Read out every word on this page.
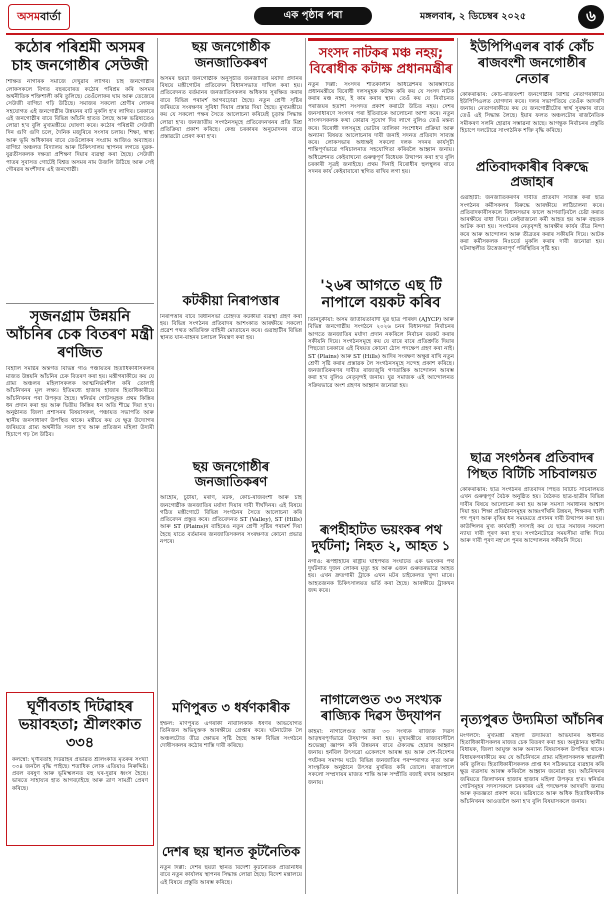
অসম বাৰ্তা	এক পৃষ্ঠাৰ পৰা	মঙ্গলবাৰ, ২ ডিচেম্বৰ ২০২৫	৬
কঠোৰ পৰিশ্ৰমী অসমৰ চাহ জনগোষ্ঠীৰ সেউজী
শিক্ষিত নাগৰিক সমাজে দেখুৱাব লাগিব। চাহ জনগোষ্ঠীৰ লোকসকলে বিগত বছৰবোৰত কঠোৰ পৰিশ্ৰম কৰি অসমৰ অৰ্থনীতিক শক্তিশালী কৰি তুলিছে। তেওঁলোকৰ ঘাম আৰু তেজেৰে সেউজী বাগিচা গঢ়ি উঠিছে। সমাজৰ সকলো শ্ৰেণীৰ লোকৰ সহযোগত এই জনগোষ্ঠীৰ উন্নয়নৰ বাট মুকলি হ'ব লাগিব। চৰকাৰে এই জনগোষ্ঠীৰ বাবে বিভিন্ন আঁচনি হাতত লৈছে আৰু ভৱিষ্যতেও লোৱা হ'ব বুলি মুখ্যমন্ত্ৰীয়ে ঘোষণা কৰে। কঠোৰ পৰিশ্ৰমী সেউজী দিন গুণি গুণি চলে, দৈনিক মজুৰিৰে সংসাৰ চলায়। শিক্ষা, স্বাস্থ্য আৰু ভূমি অধিকাৰৰ বাবে তেওঁলোকৰ সংগ্ৰাম আজিও অব্যাহত। বাগিচা অঞ্চলত বিদ্যালয় আৰু চিকিৎসালয় স্থাপনৰ লগতে যুৱক-যুৱতীসকলক দক্ষতা প্ৰশিক্ষণ দিয়াৰ ব্যৱস্থা কৰা হৈছে। সেউজী পাতৰ সুবাসত গোটেই বিশ্বত অসমৰ নাম উজলি উঠিছে আৰু সেই গৌৰৱৰ অংশীদাৰ এই জনগোষ্ঠী।
সৃজনগ্ৰাম উন্নয়নি আঁচনিৰ চেক বিতৰণ মন্ত্ৰী ৰণজিত
বিহালি সমষ্টিৰ অন্তৰ্গত বিভিন্ন গাঁও পঞ্চায়তৰ হিতাধিকাৰীসকলৰ মাজত উন্নয়নি আঁচনিৰ চেক বিতৰণ কৰা হয়। মন্ত্ৰীগৰাকীয়ে কয় যে গ্ৰাম্য অঞ্চলৰ মহিলাসকলক আত্মনিৰ্ভৰশীল কৰি তোলাই আঁচনিখনৰ মূল লক্ষ্য। ইতিমধ্যে হাজাৰ হাজাৰ হিতাধিকাৰীয়ে আঁচনিখনৰ পৰা উপকৃত হৈছে। স্বনিৰ্ভৰ গোটসমূহক প্ৰথম কিস্তিৰ ধন প্ৰদান কৰা হয় আৰু দ্বিতীয় কিস্তিৰ ধন অতি শীঘ্ৰে দিয়া হ'ব। অনুষ্ঠানত জিলা প্ৰশাসনৰ বিষয়াসকল, পঞ্চায়ত সভাপতি আৰু স্থানীয় জনসাধাৰণ উপস্থিত থাকে। মন্ত্ৰীয়ে কয় যে ক্ষুদ্ৰ উদ্যোগৰ জৰিয়তে গ্ৰাম্য অৰ্থনীতি সবল হ'ব আৰু প্ৰতিজন মহিলা উদ্যমী হিচাপে গঢ় লৈ উঠিব।
ঘূৰ্ণীবতাহ দিটৱাহৰ ভয়াবহতা; শ্ৰীলংকাত ৩৩৪
কলম্বো: ঘূৰ্ণীবতাহ দিটৱাহৰ প্ৰভাৱত শ্ৰীলংকাত মৃতকৰ সংখ্যা ৩৩৪ জনলৈ বৃদ্ধি পাইছে। শতাধিক লোক এতিয়াও নিৰুদ্দিষ্ট। প্ৰবল বৰষুণ আৰু ভূমিস্খলনত বহু ঘৰ-দুৱাৰ ধ্বংস হৈছে। ভাৰতে সাহায্যৰ হাত আগবঢ়াইছে আৰু ত্ৰাণ সামগ্ৰী প্ৰেৰণ কৰিছে।
ছয় জনগোষ্ঠীক জনজাতিকৰণ
অসমৰ ছয়টা জনগোষ্ঠীক অনুসূচীত জনজাতিৰ মৰ্যাদা প্ৰদানৰ বিষয়ে মন্ত্ৰীগোটৰ প্ৰতিবেদন বিধানসভাত দাখিল কৰা হয়। প্ৰতিবেদনত বৰ্তমানৰ জনজাতিসকলৰ অধিকাৰ সুৰক্ষিত কৰাৰ বাবে বিভিন্ন পৰামৰ্শ আগবঢ়োৱা হৈছে। নতুন শ্ৰেণী সৃষ্টিৰ জৰিয়তে সংৰক্ষণৰ সুবিধা দিয়াৰ প্ৰস্তাৱ দিয়া হৈছে। মুখ্যমন্ত্ৰীয়ে কয় যে সকলো পক্ষৰ সৈতে আলোচনা কৰিয়েই চূড়ান্ত সিদ্ধান্ত লোৱা হ'ব। জনজাতীয় সংগঠনসমূহে প্ৰতিবেদনখনৰ প্ৰতি মিশ্ৰ প্ৰতিক্ৰিয়া প্ৰকাশ কৰিছে। কেন্দ্ৰ চৰকাৰৰ অনুমোদনৰ বাবে প্ৰস্তাৱটো প্ৰেৰণ কৰা হ'ব।
কটকীয়া নিৰাপত্তাৰ
নিৰাপত্তাৰ বাবে বিধানসভা চৌহদত কটকীয়া ব্যৱস্থা গ্ৰহণ কৰা হয়। বিভিন্ন সংগঠনৰ প্ৰতিবাদৰ আশংকাত আৰক্ষীয়ে সকলো প্ৰৱেশ পথত অতিৰিক্ত বাহিনী মোতায়েন কৰে। গুৱাহাটীৰ বিভিন্ন স্থানত যান-বাহনৰ চলাচল নিয়ন্ত্ৰণ কৰা হয়।
ছয় জনগোষ্ঠীৰ জনজাতিকৰণ
আহোম, চুটীয়া, মৰাণ, মটক, কোচ-ৰাজবংশী আৰু চাহ জনগোষ্ঠীক জনজাতিৰ মৰ্যাদা দিয়াৰ দাবী দীৰ্ঘদিনৰ। এই বিষয়ে গঠিত মন্ত্ৰীগোটে বিভিন্ন সংগঠনৰ সৈতে আলোচনা কৰি প্ৰতিবেদন প্ৰস্তুত কৰে। প্ৰতিবেদনত ST (Valley), ST (Hills) আৰু ST (Plains)ৰ বাহিৰেও নতুন শ্ৰেণী সৃষ্টিৰ পৰামৰ্শ দিয়া হৈছে যাতে বৰ্তমানৰ জনজাতিসকলৰ সংৰক্ষণত কোনো প্ৰভাৱ নপৰে।
মণিপুৰত ৩ ধৰ্ষণকাৰীক
ইম্ফল: মণিপুৰত এগৰাকী নাবালিকাক ধৰ্ষণৰ অভিযোগত তিনিজন অভিযুক্তক আৰক্ষীয়ে গ্ৰেপ্তাৰ কৰে। ঘটনাটোক লৈ অঞ্চলটোত তীব্ৰ ক্ষোভৰ সৃষ্টি হৈছে আৰু বিভিন্ন সংগঠনে দোষীসকলৰ কঠোৰ শাস্তি দাবী কৰিছে।
দেশৰ ছয় স্থানত কূটনৈতিক
নতুন দিল্লী: দেশৰ ছয়টা স্থানত বিদেশী কূটনৈতিক প্ৰতিনিধিৰ বাবে নতুন কাৰ্যালয় স্থাপনৰ সিদ্ধান্ত লোৱা হৈছে। বিদেশ মন্ত্ৰালয়ে এই বিষয়ে প্ৰস্তুতি আৰম্ভ কৰিছে।
সংসদ নাটকৰ মঞ্চ নহয়; বিৰোধীক কটাক্ষ প্ৰধানমন্ত্ৰীৰ
নতুন দিল্লী: সংসদৰ শীতকালীন অধিৱেশনৰ আৰম্ভণিতে প্ৰধানমন্ত্ৰীয়ে বিৰোধী দলসমূহক কটাক্ষ কৰি কয় যে সংসদ নাটক কৰাৰ মঞ্চ নহয়, ই কাম কৰাৰ স্থান। তেওঁ কয় যে নিৰ্বাচনত পৰাজয়ৰ হতাশা সংসদত প্ৰকাশ কৰাটো উচিত নহয়। দেশৰ জনসাধাৰণে সংসদৰ পৰা ইতিবাচক আলোচনা আশা কৰে। নতুন সাংসদসকলক কথা কোৱাৰ সুযোগ দিব লাগে বুলিও তেওঁ মন্তব্য কৰে। বিৰোধী দলসমূহে ভোটাৰ তালিকা সংশোধন প্ৰক্ৰিয়া আৰু অন্যান্য বিষয়ত আলোচনাৰ দাবী জনাই সদনত প্ৰতিবাদ সাব্যস্ত কৰে। লোকসভাৰ অধ্যক্ষই সকলো দলক সদনৰ কাৰ্যসূচী শান্তিপূৰ্ণভাৱে পৰিচালনাত সহযোগিতা কৰিবলৈ আহ্বান জনায়। অধিৱেশনত কেইবাখনো গুৰুত্বপূৰ্ণ বিধেয়ক উত্থাপন কৰা হ'ব বুলি চৰকাৰী সূত্ৰই জনাইছে। প্ৰথম দিনাই বিৰোধীৰ হুলস্থুলৰ বাবে সদনৰ কাৰ্য কেইবাবাৰো স্থগিত ৰাখিব লগা হয়।
'২৬ৰ আগতে এছ টি নাপালে বয়কট কৰিব
তিনিচুকীয়া: অসম জাতীয়তাবাদী যুৱ ছাত্ৰ পৰিষদ (AJYCP) আৰু বিভিন্ন জনগোষ্ঠীয় সংগঠনে ২০২৬ চনৰ বিধানসভা নিৰ্বাচনৰ আগতে জনজাতিৰ মৰ্যাদা প্ৰদান নকৰিলে নিৰ্বাচন বয়কট কৰাৰ সকীয়নি দিয়ে। সংগঠনসমূহে কয় যে বাৰে বাৰে প্ৰতিশ্ৰুতি দিয়াৰ পিছতো চৰকাৰে এই বিষয়ত কোনো ঠোস পদক্ষেপ গ্ৰহণ কৰা নাই। ST (Plains) আৰু ST (Hills) আদিৰ সংৰক্ষণ অক্ষুণ্ণ ৰাখি নতুন শ্ৰেণী সৃষ্টি কৰাৰ প্ৰস্তাৱক লৈ সংগঠনসমূহে সন্দেহ প্ৰকাশ কৰিছে। জনজাতিকৰণৰ দাবীত ৰাজ্যজুৰি গণতান্ত্ৰিক আন্দোলন আৰম্ভ কৰা হ'ব বুলিও নেতৃবৃন্দই জনায়। যুৱ সমাজক এই আন্দোলনত সক্ৰিয়ভাৱে অংশ গ্ৰহণৰ আহ্বান জনোৱা হয়।
ৰূপহীহাটত ভয়ংকৰ পথ দুৰ্ঘটনা; নিহত ২, আহত ১
নগাঁও: ৰূপহীহাটৰ ৰাষ্ট্ৰীয় ঘাইপথত সংঘটিত এক ভয়ংকৰ পথ দুৰ্ঘটনাত দুজন লোকৰ মৃত্যু হয় আৰু এজন গুৰুতৰভাৱে আহত হয়। এখন দ্ৰুতগামী ট্ৰাকে এখন মটৰ চাইকেলত খুন্দা মাৰে। আহতজনক চিকিৎসালয়ত ভৰ্তি কৰা হৈছে। আৰক্ষীয়ে ট্ৰাকখন জব্দ কৰে।
নাগালেণ্ডত ৩৩ সংখ্যক ৰাজ্যিক দিৱস উদ্‌যাপন
কহিমা: নাগালেণ্ডত আজি ৩৩ সংখ্যক ৰাজ্যিক দিৱস আড়ম্বৰপূৰ্ণভাৱে উদ্‌যাপন কৰা হয়। মুখ্যমন্ত্ৰীয়ে ৰাজ্যবাসীলৈ শুভেচ্ছা জ্ঞাপন কৰি উন্নয়নৰ বাবে ঐক্যবদ্ধ হোৱাৰ আহ্বান জনায়। হৰ্নবিল উৎসৱো একেলগে আৰম্ভ হয় আৰু দেশ-বিদেশৰ পৰ্যটকৰ সমাগম ঘটে। বিভিন্ন জনজাতিৰ পৰম্পৰাগত নৃত্য আৰু সাংস্কৃতিক অনুষ্ঠানে উৎসৱ মুখৰিত কৰি তোলে। ৰাজ্যপালে সকলো সম্প্ৰদায়ৰ মাজত শান্তি আৰু সম্প্ৰীতি বজাই ৰখাৰ আহ্বান জনায়।
ইউপিপিএলৰ বাৰ্ক কোঁচ ৰাজবংশী জনগোষ্ঠীৰ নেতাৰ
কোকৰাঝাৰ: কোচ-ৰাজবংশী জনগোষ্ঠীৰ বিশিষ্ট নেতাগৰাকীয়ে ইউপিপিএলত যোগদান কৰে। দলৰ সভাপতিয়ে তেওঁক আদৰণি জনায়। নেতাগৰাকীয়ে কয় যে জনগোষ্ঠীটোৰ স্বাৰ্থ সুৰক্ষাৰ বাবে তেওঁ এই সিদ্ধান্ত লৈছে। ইয়াৰ ফলত অঞ্চলটোৰ ৰাজনৈতিক সমীকৰণ সলনি হোৱাৰ সম্ভাৱনা আছে। আগন্তুক নিৰ্বাচনৰ প্ৰস্তুতি হিচাপে দলটোৱে সাংগঠনিক শক্তি বৃদ্ধি কৰিছে।
প্ৰতিবাদকাৰীৰ বিৰুদ্ধে প্ৰজাহাৰ
গুৱাহাটী: জনজাতিকৰণৰ দাবীত প্ৰতিবাদ সাব্যস্ত কৰা ছাত্ৰ সংগঠনৰ কৰ্মীসকলৰ বিৰুদ্ধে আৰক্ষীয়ে লাঠিচালনা কৰে। প্ৰতিবাদকাৰীসকলে বিধানসভাৰ ফালে আগবাঢ়িবলৈ চেষ্টা কৰাত আৰক্ষীয়ে বাধা দিয়ে। কেইবাজনো কৰ্মী আহত হয় আৰু বহুতক আটক কৰা হয়। সংগঠনৰ নেতৃবৃন্দই আৰক্ষীৰ কাৰ্যৰ তীব্ৰ নিন্দা কৰে আৰু আন্দোলন আৰু তীব্ৰতৰ কৰাৰ সকীয়নি দিয়ে। আটক কৰা কৰ্মীসকলক নিঃচৰ্তে মুকলি কৰাৰ দাবী জনোৱা হয়। ঘটনাস্থলীত উত্তেজনাপূৰ্ণ পৰিস্থিতিৰ সৃষ্টি হয়।
ছাত্ৰ সংগঠনৰ প্ৰতিবাদৰ পিছত বিটিচি সচিবালয়ত
কোকৰাঝাৰ: ছাত্ৰ সংগঠনৰ প্ৰতিবাদৰ পিছত বিটিচি সচিবালয়ত এখন গুৰুত্বপূৰ্ণ বৈঠক অনুষ্ঠিত হয়। বৈঠকত ছাত্ৰ-ছাত্ৰীৰ বিভিন্ন দাবীৰ বিষয়ে আলোচনা কৰা হয় আৰু সমস্যা সমাধানৰ আশ্বাস দিয়া হয়। শিক্ষা প্ৰতিষ্ঠানসমূহৰ আন্তঃগাঁথনি উন্নয়ন, শিক্ষকৰ খালী পদ পূৰণ আৰু বৃত্তিৰ ধন সময়মতে প্ৰদানৰ দাবী উত্থাপন কৰা হয়। কাউন্সিলৰ মুখ্য কাৰ্যবাহী সদস্যই কয় যে ছাত্ৰ সমাজৰ সকলো ন্যায্য দাবী পূৰণ কৰা হ'ব। সংগঠনটোৱে সময়সীমা বান্ধি দিয়ে আৰু দাবী পূৰণ নহ'লে পুনৰ আন্দোলনৰ সকীয়নি দিয়ে।
নৃত্যপুৰত উদ্যমিতা আঁচনিৰ
মংগলদৈ: মুখ্যমন্ত্ৰী মহিলা উদ্যমিতা অভিযানৰ অধীনত হিতাধিকাৰীসকলৰ মাজত চেক বিতৰণ কৰা হয়। অনুষ্ঠানত স্থানীয় বিধায়ক, জিলা আয়ুক্ত আৰু অন্যান্য বিষয়াসকল উপস্থিত থাকে। বিধায়কগৰাকীয়ে কয় যে আঁচনিখনে গ্ৰাম্য মহিলাসকলক স্বাৱলম্বী কৰি তুলিব। হিতাধিকাৰীসকলক প্ৰাপ্ত ধন সঠিকভাৱে ব্যৱহাৰ কৰি ক্ষুদ্ৰ ব্যৱসায় আৰম্ভ কৰিবলৈ আহ্বান জনোৱা হয়। আঁচনিখনৰ জৰিয়তে জিলাখনৰ হাজাৰ হাজাৰ মহিলা উপকৃত হ'ব। স্বনিৰ্ভৰ গোটসমূহৰ সদস্যসকলে চৰকাৰৰ এই পদক্ষেপক আদৰণি জনায় আৰু কৃতজ্ঞতা প্ৰকাশ কৰে। ভৱিষ্যতে আৰু অধিক হিতাধিকাৰীক আঁচনিখনৰ আওতালৈ অনা হ'ব বুলি বিষয়াসকলে জনায়।
